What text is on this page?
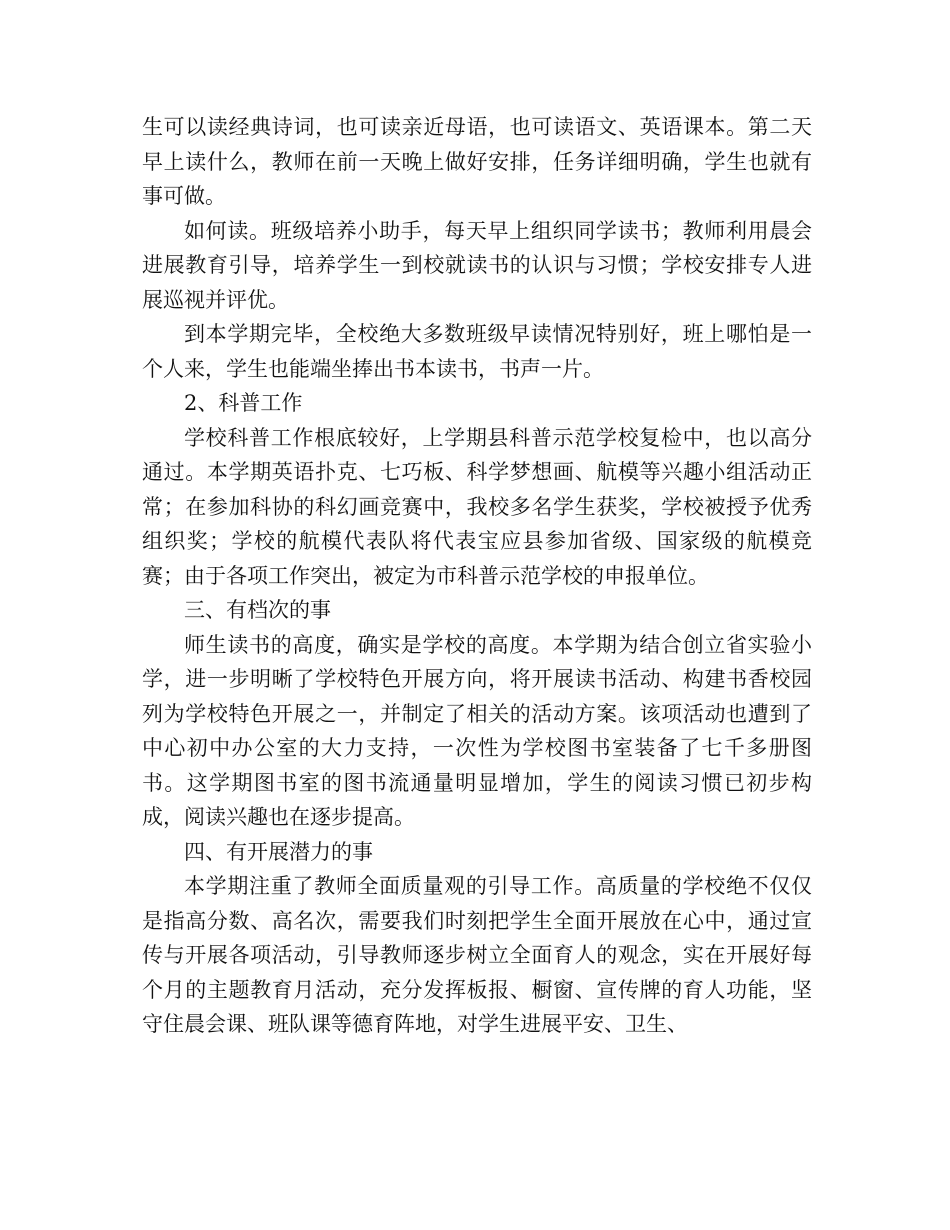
生可以读经典诗词，也可读亲近母语，也可读语文、英语课本。第二天早上读什么，教师在前一天晚上做好安排，任务详细明确，学生也就有事可做。

如何读。班级培养小助手，每天早上组织同学读书；教师利用晨会进展教育引导，培养学生一到校就读书的认识与习惯；学校安排专人进展巡视并评优。

到本学期完毕，全校绝大多数班级早读情况特别好，班上哪怕是一个人来，学生也能端坐捧出书本读书，书声一片。

2、科普工作

学校科普工作根底较好，上学期县科普示范学校复检中，也以高分通过。本学期英语扑克、七巧板、科学梦想画、航模等兴趣小组活动正常；在参加科协的科幻画竞赛中，我校多名学生获奖，学校被授予优秀组织奖；学校的航模代表队将代表宝应县参加省级、国家级的航模竞赛；由于各项工作突出，被定为市科普示范学校的申报单位。

三、有档次的事

师生读书的高度，确实是学校的高度。本学期为结合创立省实验小学，进一步明晰了学校特色开展方向，将开展读书活动、构建书香校园列为学校特色开展之一，并制定了相关的活动方案。该项活动也遭到了中心初中办公室的大力支持，一次性为学校图书室装备了七千多册图书。这学期图书室的图书流通量明显增加，学生的阅读习惯已初步构成，阅读兴趣也在逐步提高。

四、有开展潜力的事

本学期注重了教师全面质量观的引导工作。高质量的学校绝不仅仅是指高分数、高名次，需要我们时刻把学生全面开展放在心中，通过宣传与开展各项活动，引导教师逐步树立全面育人的观念，实在开展好每个月的主题教育月活动，充分发挥板报、橱窗、宣传牌的育人功能，坚守住晨会课、班队课等德育阵地，对学生进展平安、卫生、
